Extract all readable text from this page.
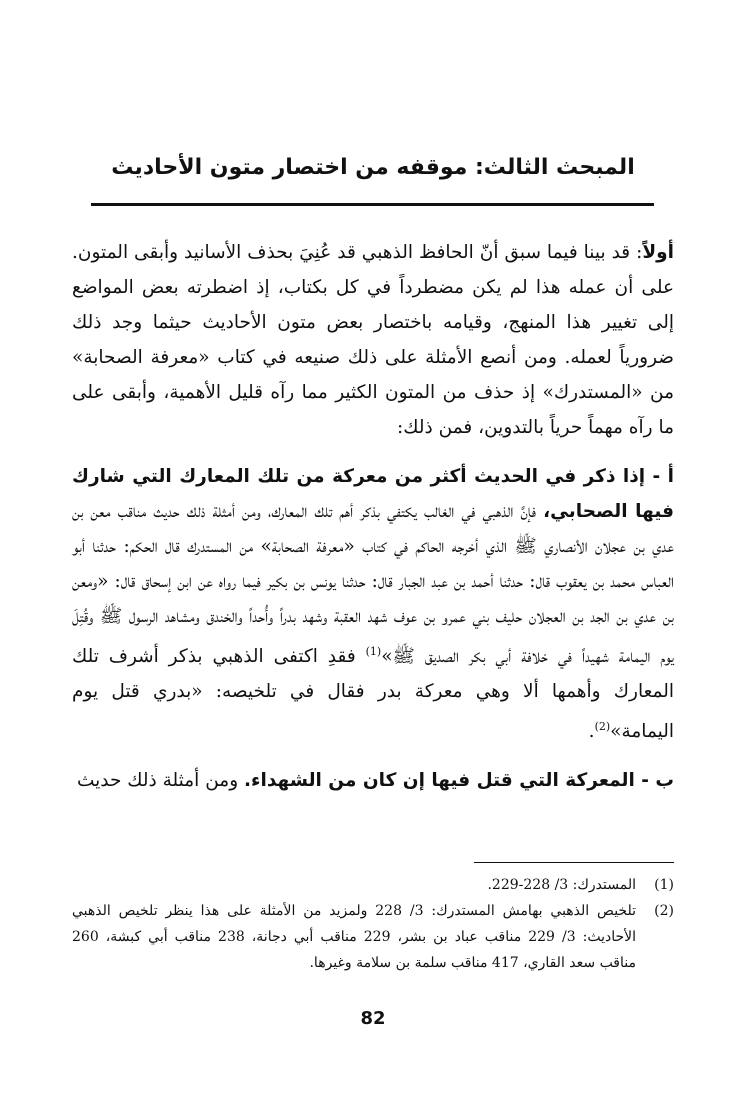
المبحث الثالث: موقفه من اختصار متون الأحاديث

أولاً: قد بينا فيما سبق أنّ الحافظ الذهبي قد عُنِيَ بحذف الأسانيد وأبقى المتون. على أن عمله هذا لم يكن مضطرداً في كل بكتاب، إذ اضطرته بعض المواضع إلى تغيير هذا المنهج، وقيامه باختصار بعض متون الأحاديث حيثما وجد ذلك ضرورياً لعمله. ومن أنصع الأمثلة على ذلك صنيعه في كتاب «معرفة الصحابة» من «المستدرك» إذ حذف من المتون الكثير مما رآه قليل الأهمية، وأبقى على ما رآه مهماً حرياً بالتدوين، فمن ذلك:

أ - إذا ذكر في الحديث أكثر من معركة من تلك المعارك التي شارك فيها الصحابي، فإنَّ الذهبي في الغالب يكتفي بذكر أهم تلك المعارك، ومن أمثلة ذلك حديث مناقب معن بن عدي بن عجلان الأنصاري ﷺ الذي أخرجه الحاكم في كتاب «معرفة الصحابة» من المستدرك قال الحكم: حدثنا أبو العباس محمد بن يعقوب قال: حدثنا أحمد بن عبد الجبار قال: حدثنا يونس بن بكير فيما رواه عن ابن إسحاق قال: «ومعن بن عدي بن الجد بن العجلان حليف بني عمرو بن عوف شهد العقبة وشهد بدراً وأُحداً والخندق ومشاهد الرسول ﷺ وقُتِلَ يوم اليمامة شهيداً في خلافة أبي بكر الصديق ﷺ»$^{(1)}$ فقدِ اكتفى الذهبي بذكر أشرف تلك المعارك وأهمها ألا وهي معركة بدر فقال في تلخيصه: «بدري قتل يوم اليمامة»$^{(2)}$.

ب - المعركة التي قتل فيها إن كان من الشهداء. ومن أمثلة ذلك حديث

(1)
المستدرك: 3/ 228-229.

(2)
تلخيص الذهبي بهامش المستدرك: 3/ 228 ولمزيد من الأمثلة على هذا ينظر تلخيص الذهبي الأحاديث: 3/ 229 مناقب عباد بن بشر، 229 مناقب أبي دجانة، 238 مناقب أبي كبشة، 260 مناقب سعد القاري، 417 مناقب سلمة بن سلامة وغيرها.

82
